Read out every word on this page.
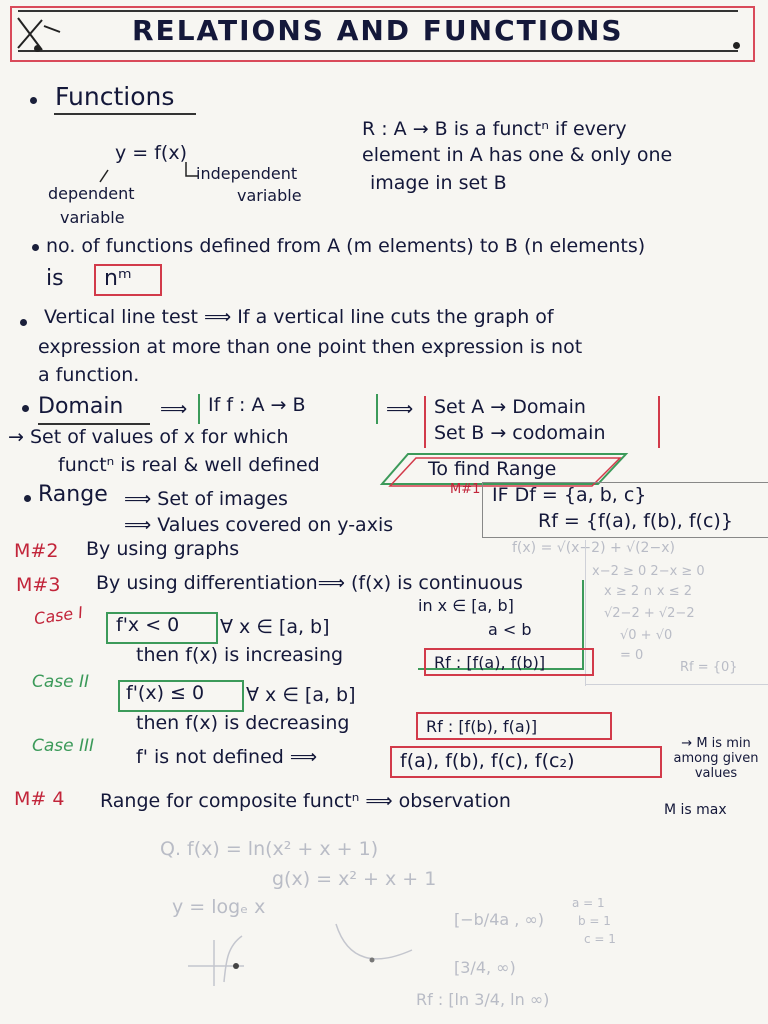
RELATIONS AND FUNCTIONS
Functions
y = f(x)
independent
variable
dependent
variable
R : A → B is a functⁿ if every
element in A has one & only one
image in set B
no. of functions defined from A (m elements) to B (n elements)
is	nᵐ
Vertical line test ⟹ If a vertical line cuts the graph of
expression at more than one point then expression is not
a function.
Domain ⟹	If f : A → B	⟹ Set A → Domain
Set B → codomain
→ Set of values of x for which
functⁿ is real & well defined	To find Range
Range ⟹ Set of images
⟹ Values covered on y-axis
M#1 IF Df = {a, b, c}
Rf = {f(a), f(b), f(c)}
M#2 By using graphs	f(x) = √(x−2) + √(2−x)
x−2 ≥ 0 2−x ≥ 0
x ≥ 2 ∩ x ≤ 2
√2−2 + √2−2
√0 + √0
= 0
Rf = {0}
M#3 By using differentiation⟹ (f(x) is continuous
in x ∈ [a, b]
a < b
Case I	f'x < 0	∀ x ∈ [a, b]
then f(x) is increasing	Rf : [f(a), f(b)]
Case II	f'(x) ≤ 0	∀ x ∈ [a, b]
then f(x) is decreasing	Rf : [f(b), f(a)]
Case III f' is not defined ⟹	f(a), f(b), f(c), f(c₂)
→ M is min among given values
M# 4 Range for composite functⁿ ⟹ observation	M is max
Q. f(x) = ln(x² + x + 1)
g(x) = x² + x + 1
y = logₑ x
[−b/4a , ∞)
[3/4, ∞)
Rf : [ln 3/4, ln ∞)
a = 1
b = 1
c = 1
